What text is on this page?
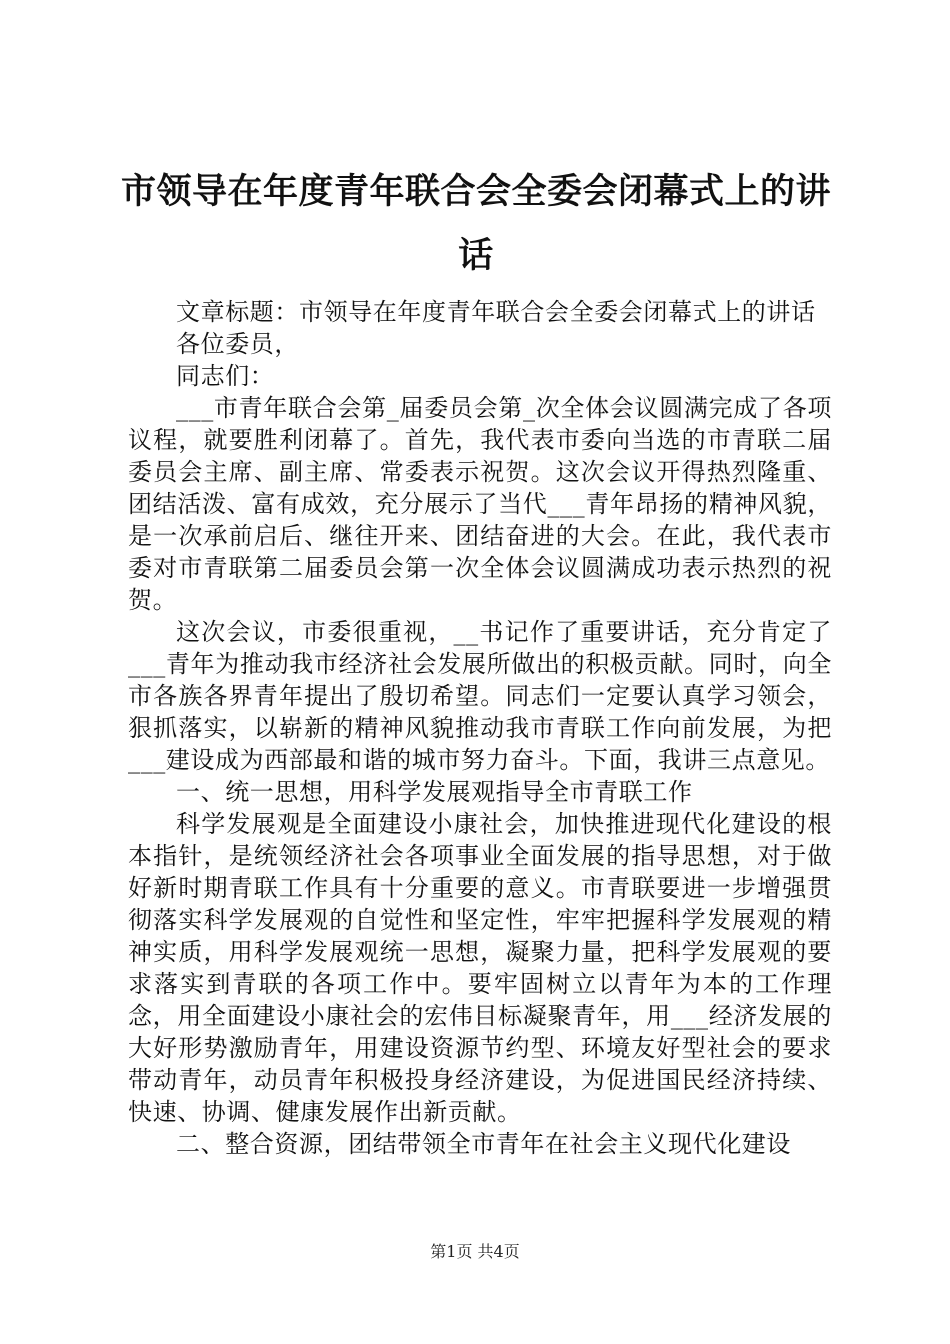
市领导在年度青年联合会全委会闭幕式上的讲话

文章标题：市领导在年度青年联合会全委会闭幕式上的讲话

各位委员，

同志们：

___市青年联合会第_届委员会第_次全体会议圆满完成了各项议程，就要胜利闭幕了。首先，我代表市委向当选的市青联二届委员会主席、副主席、常委表示祝贺。这次会议开得热烈隆重、团结活泼、富有成效，充分展示了当代___青年昂扬的精神风貌，是一次承前启后、继往开来、团结奋进的大会。在此，我代表市委对市青联第二届委员会第一次全体会议圆满成功表示热烈的祝贺。

这次会议，市委很重视，__书记作了重要讲话，充分肯定了___青年为推动我市经济社会发展所做出的积极贡献。同时，向全市各族各界青年提出了殷切希望。同志们一定要认真学习领会，狠抓落实，以崭新的精神风貌推动我市青联工作向前发展，为把___建设成为西部最和谐的城市努力奋斗。下面，我讲三点意见。

一、统一思想，用科学发展观指导全市青联工作

科学发展观是全面建设小康社会，加快推进现代化建设的根本指针，是统领经济社会各项事业全面发展的指导思想，对于做好新时期青联工作具有十分重要的意义。市青联要进一步增强贯彻落实科学发展观的自觉性和坚定性，牢牢把握科学发展观的精神实质，用科学发展观统一思想，凝聚力量，把科学发展观的要求落实到青联的各项工作中。要牢固树立以青年为本的工作理念，用全面建设小康社会的宏伟目标凝聚青年，用___经济发展的大好形势激励青年，用建设资源节约型、环境友好型社会的要求带动青年，动员青年积极投身经济建设，为促进国民经济持续、快速、协调、健康发展作出新贡献。

二、整合资源，团结带领全市青年在社会主义现代化建设

第1页 共4页
